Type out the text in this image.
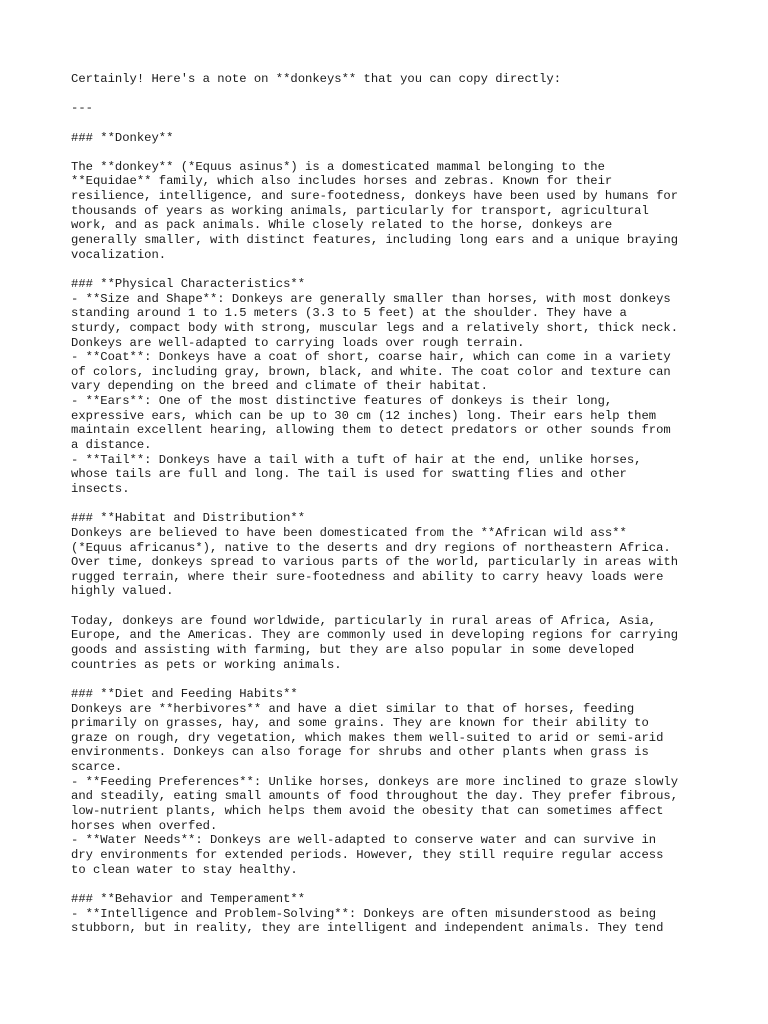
Certainly! Here's a note on **donkeys** that you can copy directly:
---
### **Donkey**
The **donkey** (*Equus asinus*) is a domesticated mammal belonging to the
**Equidae** family, which also includes horses and zebras. Known for their
resilience, intelligence, and sure-footedness, donkeys have been used by humans for
thousands of years as working animals, particularly for transport, agricultural
work, and as pack animals. While closely related to the horse, donkeys are
generally smaller, with distinct features, including long ears and a unique braying
vocalization.
### **Physical Characteristics**
- **Size and Shape**: Donkeys are generally smaller than horses, with most donkeys
standing around 1 to 1.5 meters (3.3 to 5 feet) at the shoulder. They have a
sturdy, compact body with strong, muscular legs and a relatively short, thick neck.
Donkeys are well-adapted to carrying loads over rough terrain.
- **Coat**: Donkeys have a coat of short, coarse hair, which can come in a variety
of colors, including gray, brown, black, and white. The coat color and texture can
vary depending on the breed and climate of their habitat.
- **Ears**: One of the most distinctive features of donkeys is their long,
expressive ears, which can be up to 30 cm (12 inches) long. Their ears help them
maintain excellent hearing, allowing them to detect predators or other sounds from
a distance.
- **Tail**: Donkeys have a tail with a tuft of hair at the end, unlike horses,
whose tails are full and long. The tail is used for swatting flies and other
insects.
### **Habitat and Distribution**
Donkeys are believed to have been domesticated from the **African wild ass**
(*Equus africanus*), native to the deserts and dry regions of northeastern Africa.
Over time, donkeys spread to various parts of the world, particularly in areas with
rugged terrain, where their sure-footedness and ability to carry heavy loads were
highly valued.
Today, donkeys are found worldwide, particularly in rural areas of Africa, Asia,
Europe, and the Americas. They are commonly used in developing regions for carrying
goods and assisting with farming, but they are also popular in some developed
countries as pets or working animals.
### **Diet and Feeding Habits**
Donkeys are **herbivores** and have a diet similar to that of horses, feeding
primarily on grasses, hay, and some grains. They are known for their ability to
graze on rough, dry vegetation, which makes them well-suited to arid or semi-arid
environments. Donkeys can also forage for shrubs and other plants when grass is
scarce.
- **Feeding Preferences**: Unlike horses, donkeys are more inclined to graze slowly
and steadily, eating small amounts of food throughout the day. They prefer fibrous,
low-nutrient plants, which helps them avoid the obesity that can sometimes affect
horses when overfed.
- **Water Needs**: Donkeys are well-adapted to conserve water and can survive in
dry environments for extended periods. However, they still require regular access
to clean water to stay healthy.
### **Behavior and Temperament**
- **Intelligence and Problem-Solving**: Donkeys are often misunderstood as being
stubborn, but in reality, they are intelligent and independent animals. They tend
